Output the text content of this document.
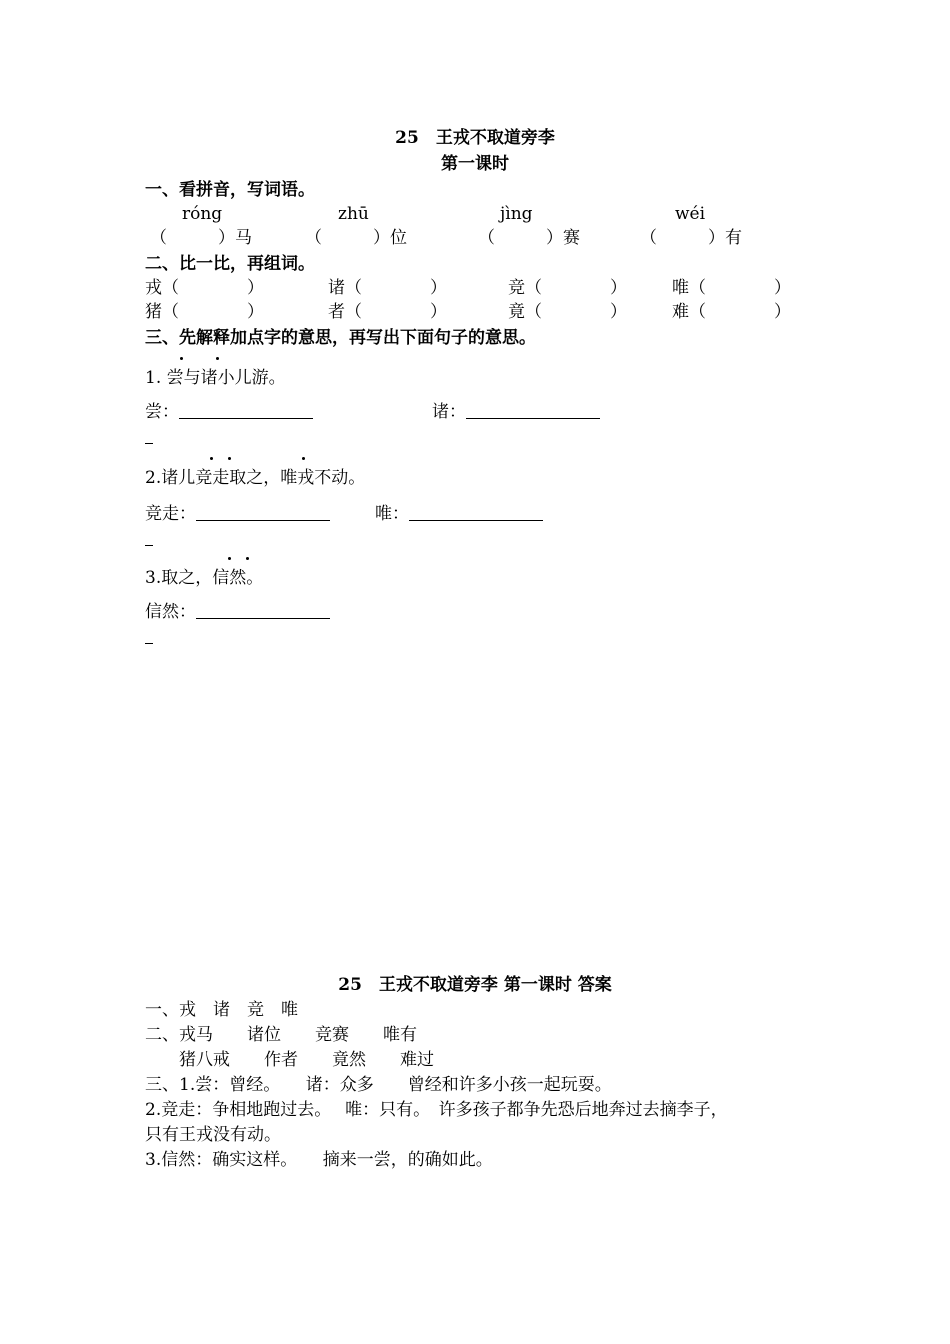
25　王戎不取道旁李
第一课时
一、看拼音，写词语。
róng	zhū	jìng	wéi
（　　　）马	（　　　）位	（　　　）赛	（　　　）有
二、比一比，再组词。
戎（　　　　）	诸（　　　　）	竞（　　　　）	唯（　　　　）
猪（　　　　）	者（　　　　）	竟（　　　　）	难（　　　　）
三、先解释加点字的意思，再写出下面句子的意思。
1. 尝与诸小儿游。
尝：	诸：
2.诸儿竞走取之，唯戎不动。
竞走：	唯：
3.取之，信然。
信然：
25　王戎不取道旁李 第一课时 答案
一、戎　诸　竞　唯
二、戎马　　诸位　　竞赛　　唯有
　　猪八戒　　作者　　竟然　　难过
三、1.尝：曾经。　　诸：众多　　曾经和许多小孩一起玩耍。
2.竞走：争相地跑过去。　 唯：只有。　许多孩子都争先恐后地奔过去摘李子，
只有王戎没有动。
3.信然：确实这样。　　摘来一尝，的确如此。
